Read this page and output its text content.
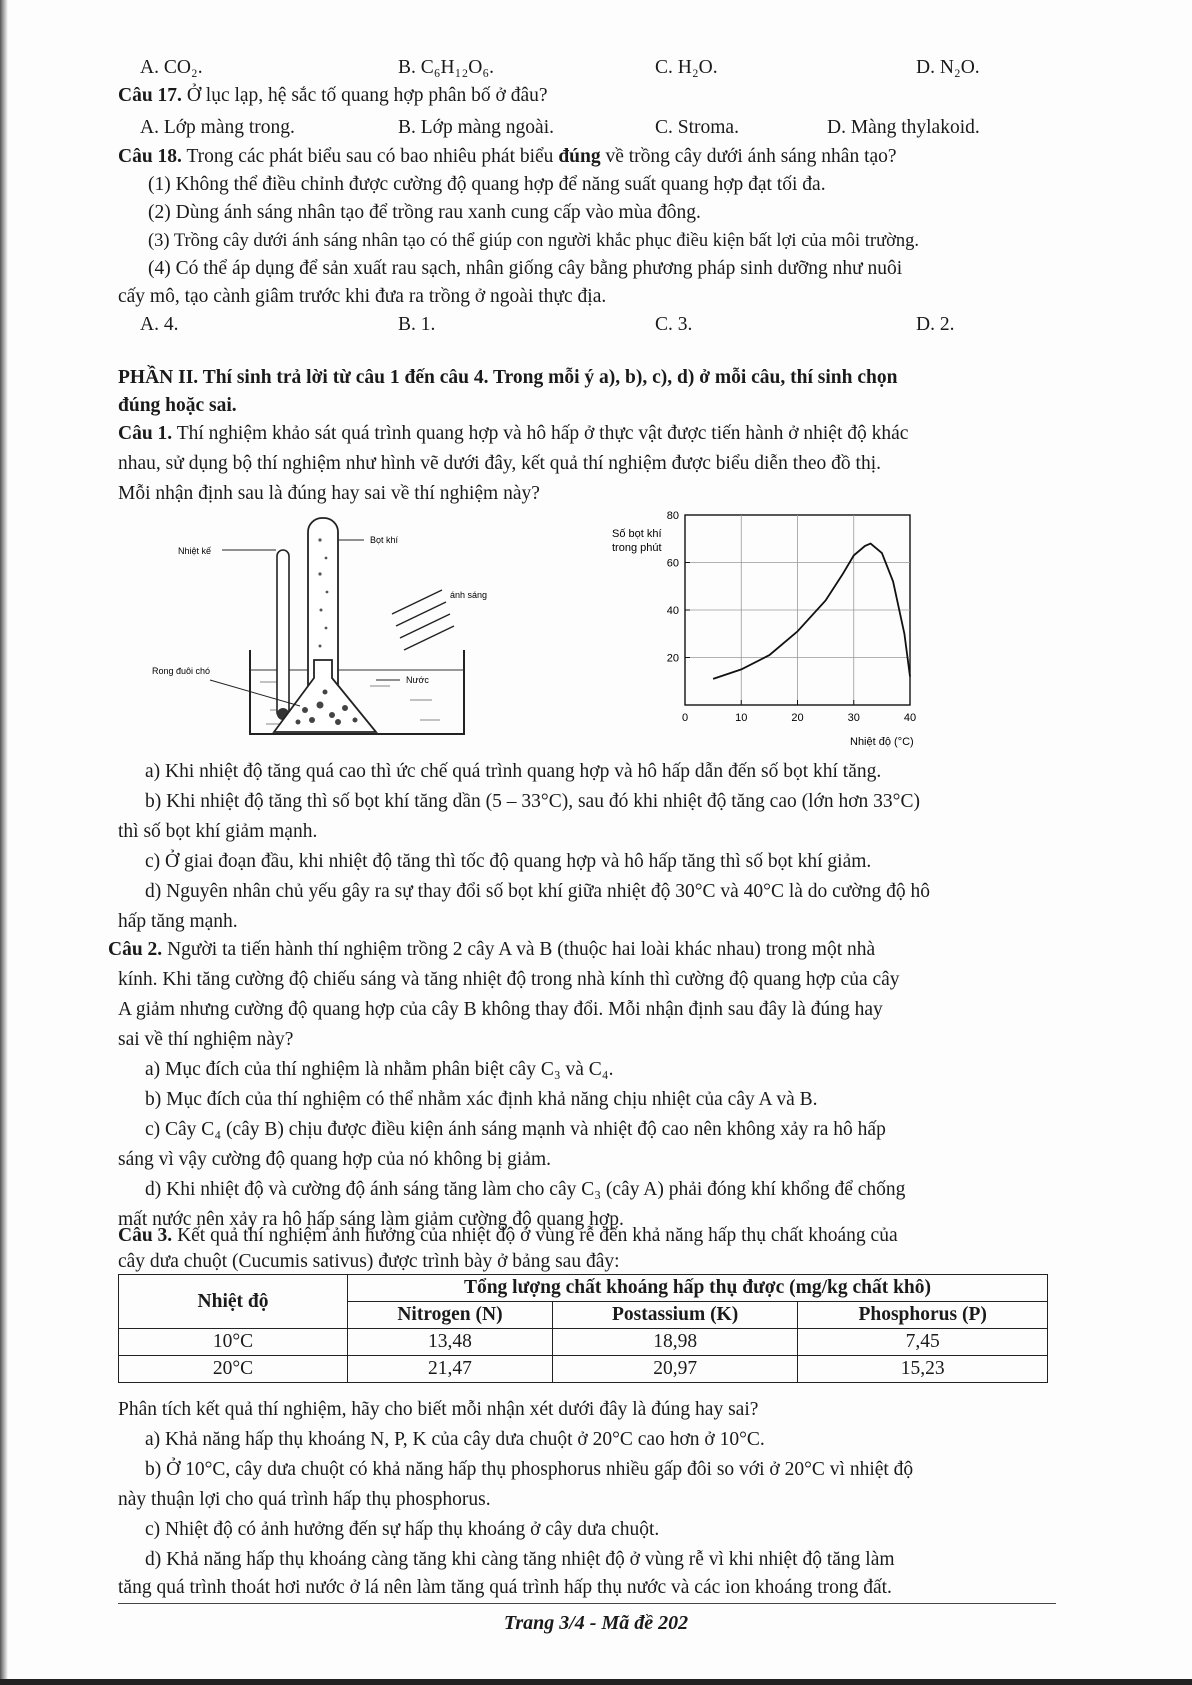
A. CO₂.	B. C₆H₁₂O₆.	C. H₂O.	D. N₂O.
Câu 17. Ở lục lạp, hệ sắc tố quang hợp phân bố ở đâu?
A. Lớp màng trong.	B. Lớp màng ngoài.	C. Stroma.	D. Màng thylakoid.
Câu 18. Trong các phát biểu sau có bao nhiêu phát biểu đúng về trồng cây dưới ánh sáng nhân tạo?
(1) Không thể điều chỉnh được cường độ quang hợp để năng suất quang hợp đạt tối đa.
(2) Dùng ánh sáng nhân tạo để trồng rau xanh cung cấp vào mùa đông.
(3) Trồng cây dưới ánh sáng nhân tạo có thể giúp con người khắc phục điều kiện bất lợi của môi trường.
(4) Có thể áp dụng để sản xuất rau sạch, nhân giống cây bằng phương pháp sinh dưỡng như nuôi
cấy mô, tạo cành giâm trước khi đưa ra trồng ở ngoài thực địa.
A. 4.	B. 1.	C. 3.	D. 2.
PHẦN II. Thí sinh trả lời từ câu 1 đến câu 4. Trong mỗi ý a), b), c), d) ở mỗi câu, thí sinh chọn
đúng hoặc sai.
Câu 1. Thí nghiệm khảo sát quá trình quang hợp và hô hấp ở thực vật được tiến hành ở nhiệt độ khác
nhau, sử dụng bộ thí nghiệm như hình vẽ dưới đây, kết quả thí nghiệm được biểu diễn theo đồ thị.
Mỗi nhận định sau là đúng hay sai về thí nghiệm này?
Nhiệt kế
Bọt khí
ánh sáng
Rong đuôi chó
Nước
Số bọt khí
trong phút
0	10	20	30	40
20
40
60
80
Nhiệt độ (°C)
a) Khi nhiệt độ tăng quá cao thì ức chế quá trình quang hợp và hô hấp dẫn đến số bọt khí tăng.
b) Khi nhiệt độ tăng thì số bọt khí tăng dần (5 – 33°C), sau đó khi nhiệt độ tăng cao (lớn hơn 33°C)
thì số bọt khí giảm mạnh.
c) Ở giai đoạn đầu, khi nhiệt độ tăng thì tốc độ quang hợp và hô hấp tăng thì số bọt khí giảm.
d) Nguyên nhân chủ yếu gây ra sự thay đổi số bọt khí giữa nhiệt độ 30°C và 40°C là do cường độ hô
hấp tăng mạnh.
Câu 2. Người ta tiến hành thí nghiệm trồng 2 cây A và B (thuộc hai loài khác nhau) trong một nhà
kính. Khi tăng cường độ chiếu sáng và tăng nhiệt độ trong nhà kính thì cường độ quang hợp của cây
A giảm nhưng cường độ quang hợp của cây B không thay đổi. Mỗi nhận định sau đây là đúng hay
sai về thí nghiệm này?
a) Mục đích của thí nghiệm là nhằm phân biệt cây C₃ và C₄.
b) Mục đích của thí nghiệm có thể nhằm xác định khả năng chịu nhiệt của cây A và B.
c) Cây C₄ (cây B) chịu được điều kiện ánh sáng mạnh và nhiệt độ cao nên không xảy ra hô hấp
sáng vì vậy cường độ quang hợp của nó không bị giảm.
d) Khi nhiệt độ và cường độ ánh sáng tăng làm cho cây C₃ (cây A) phải đóng khí khổng để chống
mất nước nên xảy ra hô hấp sáng làm giảm cường độ quang hợp.
Câu 3. Kết quả thí nghiệm ảnh hưởng của nhiệt độ ở vùng rễ đến khả năng hấp thụ chất khoáng của
cây dưa chuột (Cucumis sativus) được trình bày ở bảng sau đây:
Nhiệt độ	Tổng lượng chất khoáng hấp thụ được (mg/kg chất khô)		
	Nitrogen (N)	Postassium (K)	Phosphorus (P)
10°C	13,48	18,98	7,45
20°C	21,47	20,97	15,23
Phân tích kết quả thí nghiệm, hãy cho biết mỗi nhận xét dưới đây là đúng hay sai?
a) Khả năng hấp thụ khoáng N, P, K của cây dưa chuột ở 20°C cao hơn ở 10°C.
b) Ở 10°C, cây dưa chuột có khả năng hấp thụ phosphorus nhiều gấp đôi so với ở 20°C vì nhiệt độ
này thuận lợi cho quá trình hấp thụ phosphorus.
c) Nhiệt độ có ảnh hưởng đến sự hấp thụ khoáng ở cây dưa chuột.
d) Khả năng hấp thụ khoáng càng tăng khi càng tăng nhiệt độ ở vùng rễ vì khi nhiệt độ tăng làm
tăng quá trình thoát hơi nước ở lá nên làm tăng quá trình hấp thụ nước và các ion khoáng trong đất.
Trang 3/4 - Mã đề 202
